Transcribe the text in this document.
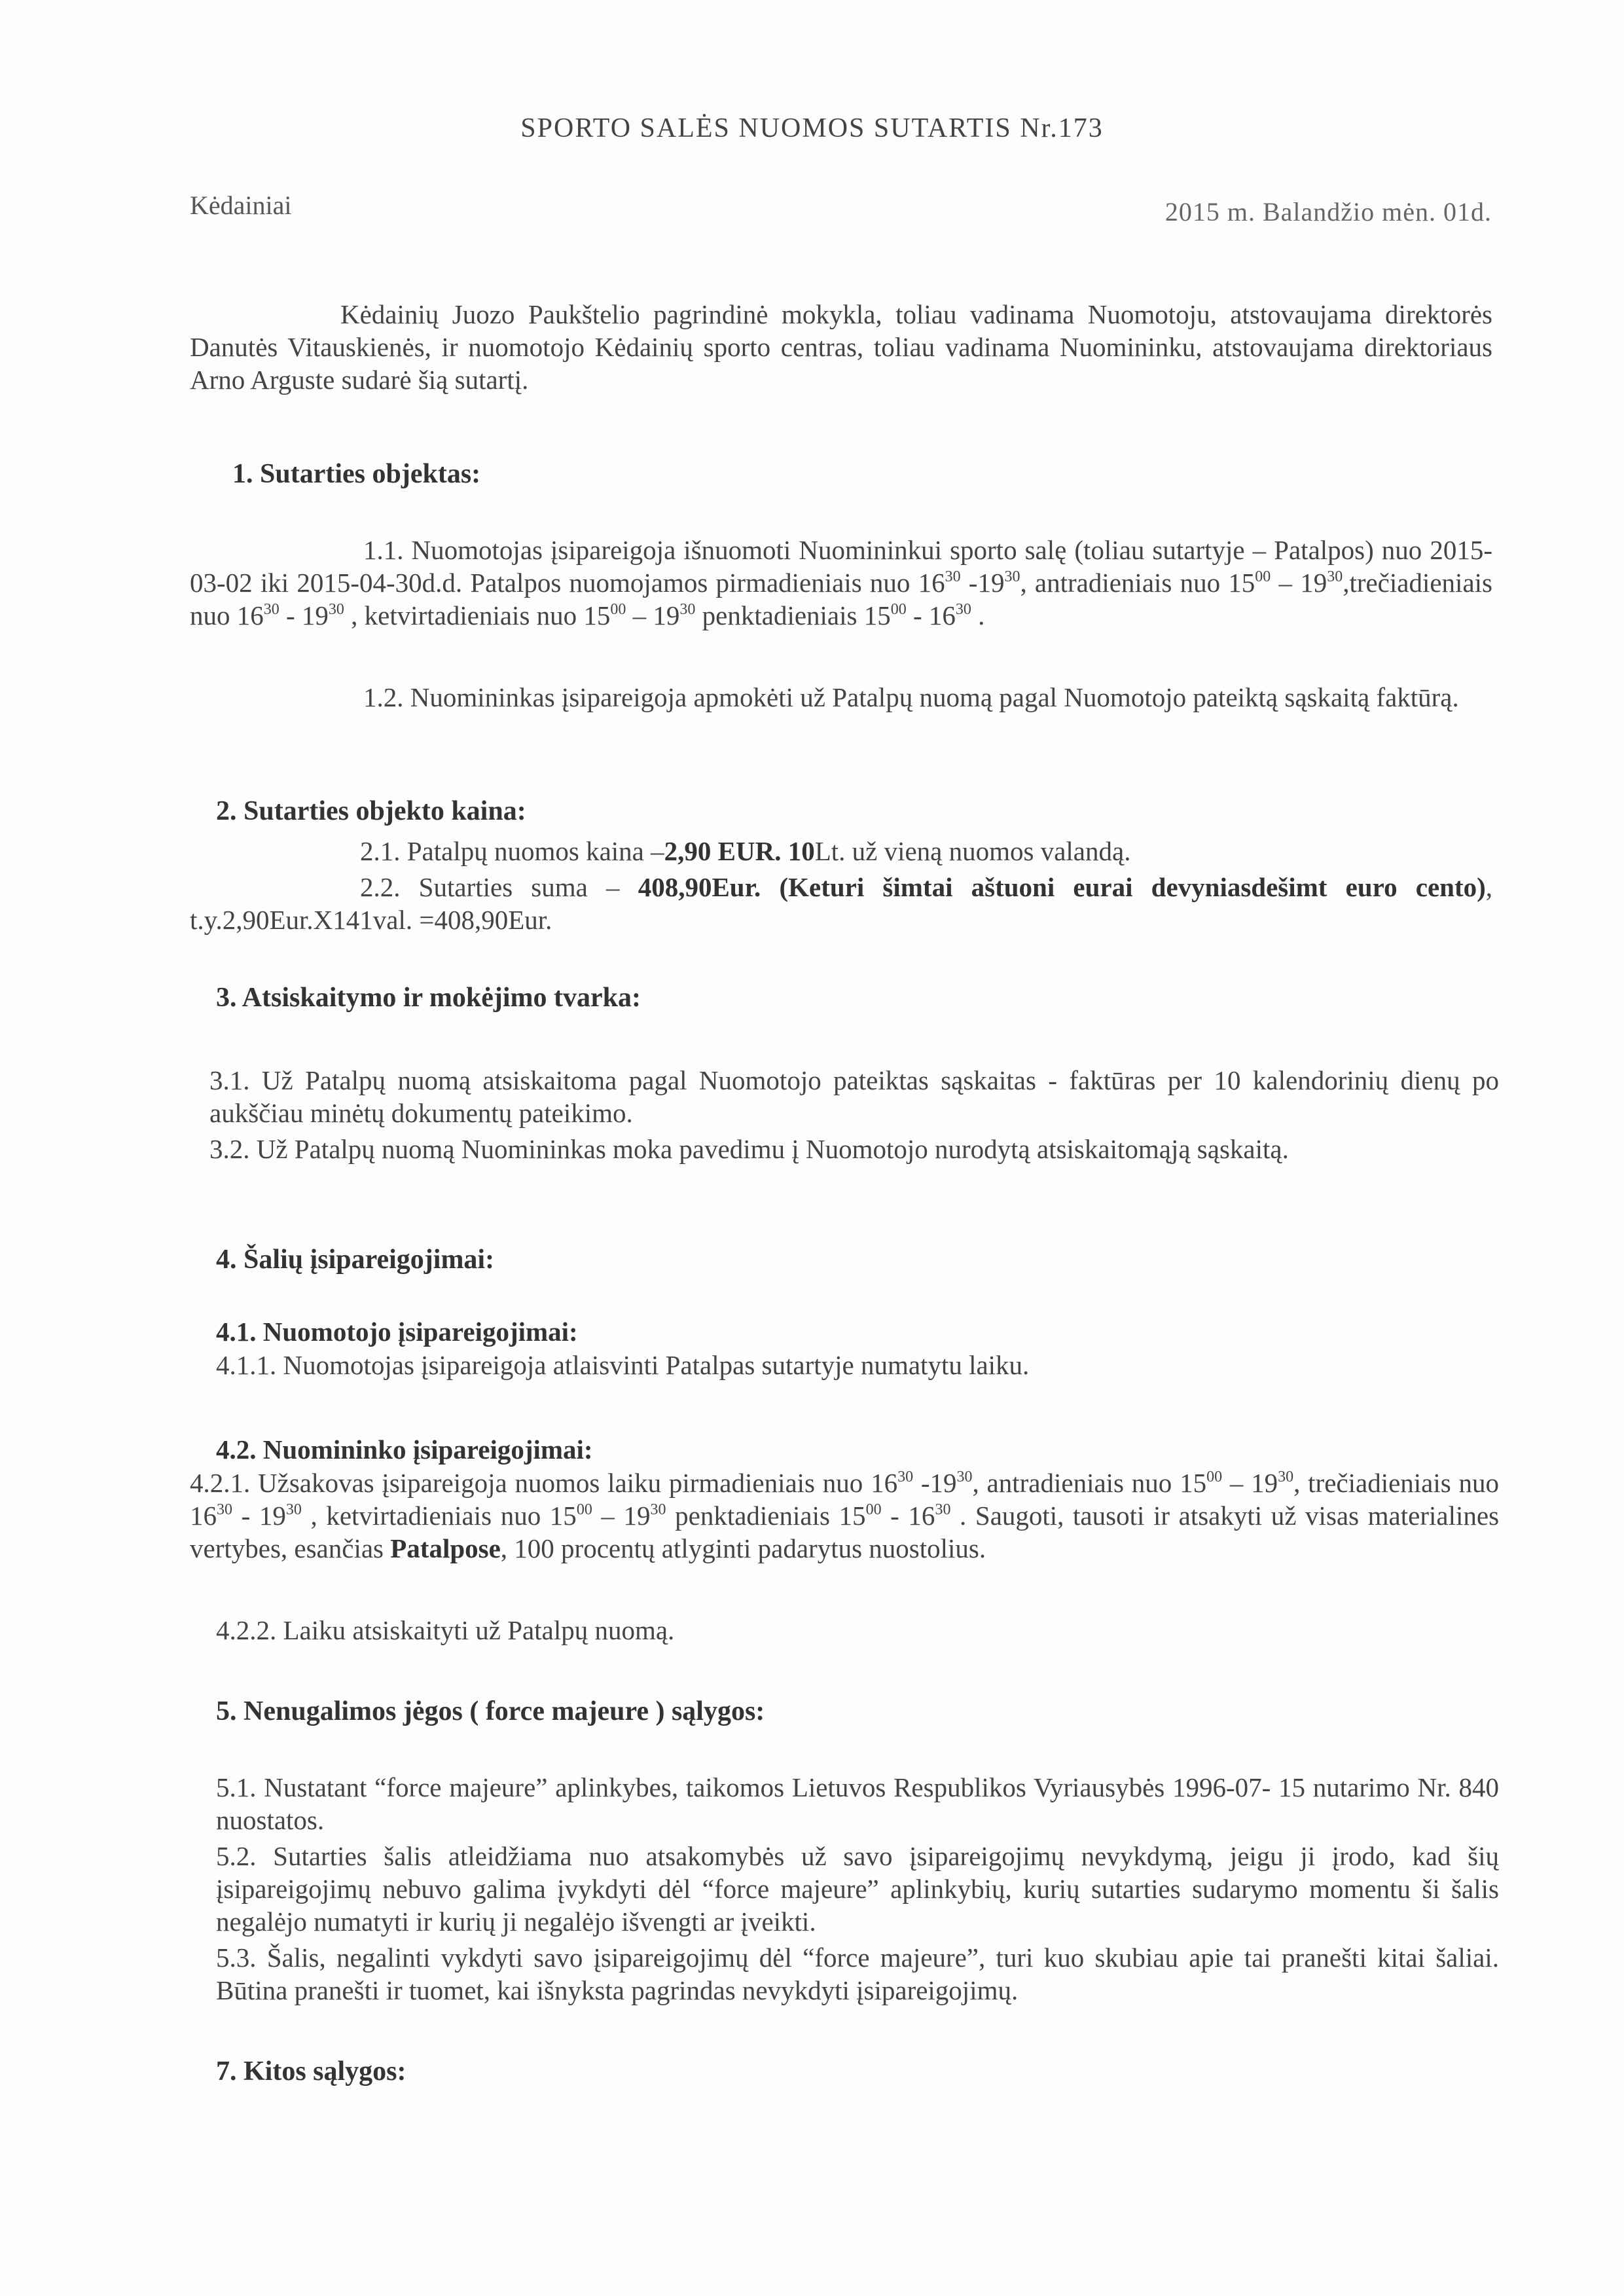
SPORTO SALĖS NUOMOS SUTARTIS Nr.173
Kėdainiai	2015 m. Balandžio mėn. 01d.
Kėdainių Juozo Paukštelio pagrindinė mokykla, toliau vadinama Nuomotoju, atstovaujama direktorės Danutės Vitauskienės, ir nuomotojo Kėdainių sporto centras, toliau vadinama Nuomininku, atstovaujama direktoriaus Arno Arguste sudarė šią sutartį.
1. Sutarties objektas:
1.1. Nuomotojas įsipareigoja išnuomoti Nuomininkui sporto salę (toliau sutartyje – Patalpos) nuo 2015-03-02 iki 2015-04-30d.d. Patalpos nuomojamos pirmadieniais nuo $16^{30}$ $-19^{30}$, antradieniais nuo $15^{00}$ – $19^{30},trečiadieniais$ nuo $16^{30} - 19^{30}$ , ketvirtadieniais nuo $15^{00} - 19^{30}$ penktadieniais $15^{00} - 16^{30}$ .
1.2. Nuomininkas įsipareigoja apmokėti už Patalpų nuomą pagal Nuomotojo pateiktą sąskaitą faktūrą.
2. Sutarties objekto kaina:
2.1. Patalpų nuomos kaina –2,90 EUR. 10Lt. už vieną nuomos valandą.
2.2. Sutarties suma – 408,90Eur. (Keturi šimtai aštuoni eurai devyniasdešimt euro cento), t.y.2,90Eur.X141val. =408,90Eur.
3. Atsiskaitymo ir mokėjimo tvarka:
3.1. Už Patalpų nuomą atsiskaitoma pagal Nuomotojo pateiktas sąskaitas - faktūras per 10 kalendorinių dienų po aukščiau minėtų dokumentų pateikimo.
3.2. Už Patalpų nuomą Nuomininkas moka pavedimu į Nuomotojo nurodytą atsiskaitomąją sąskaitą.
4. Šalių įsipareigojimai:
4.1. Nuomotojo įsipareigojimai:
4.1.1. Nuomotojas įsipareigoja atlaisvinti Patalpas sutartyje numatytu laiku.
4.2. Nuomininko įsipareigojimai:
4.2.1. Užsakovas įsipareigoja nuomos laiku pirmadieniais nuo $16^{30}$ $-19^{30}$, antradieniais nuo $15^{00} - 19^{30}$, trečiadieniais nuo $16^{30} - 19^{30}$ , ketvirtadieniais nuo $15^{00} - 19^{30}$ penktadieniais $15^{00} - 16^{30}$ . Saugoti, tausoti ir atsakyti už visas materialines vertybes, esančias Patalpose, 100 procentų atlyginti padarytus nuostolius.
4.2.2. Laiku atsiskaityti už Patalpų nuomą.
5. Nenugalimos jėgos ( force majeure ) sąlygos:
5.1. Nustatant “force majeure” aplinkybes, taikomos Lietuvos Respublikos Vyriausybės 1996-07- 15 nutarimo Nr. 840 nuostatos.
5.2. Sutarties šalis atleidžiama nuo atsakomybės už savo įsipareigojimų nevykdymą, jeigu ji įrodo, kad šių įsipareigojimų nebuvo galima įvykdyti dėl “force majeure” aplinkybių, kurių sutarties sudarymo momentu ši šalis negalėjo numatyti ir kurių ji negalėjo išvengti ar įveikti.
5.3. Šalis, negalinti vykdyti savo įsipareigojimų dėl “force majeure”, turi kuo skubiau apie tai pranešti kitai šaliai. Būtina pranešti ir tuomet, kai išnyksta pagrindas nevykdyti įsipareigojimų.
7. Kitos sąlygos:
